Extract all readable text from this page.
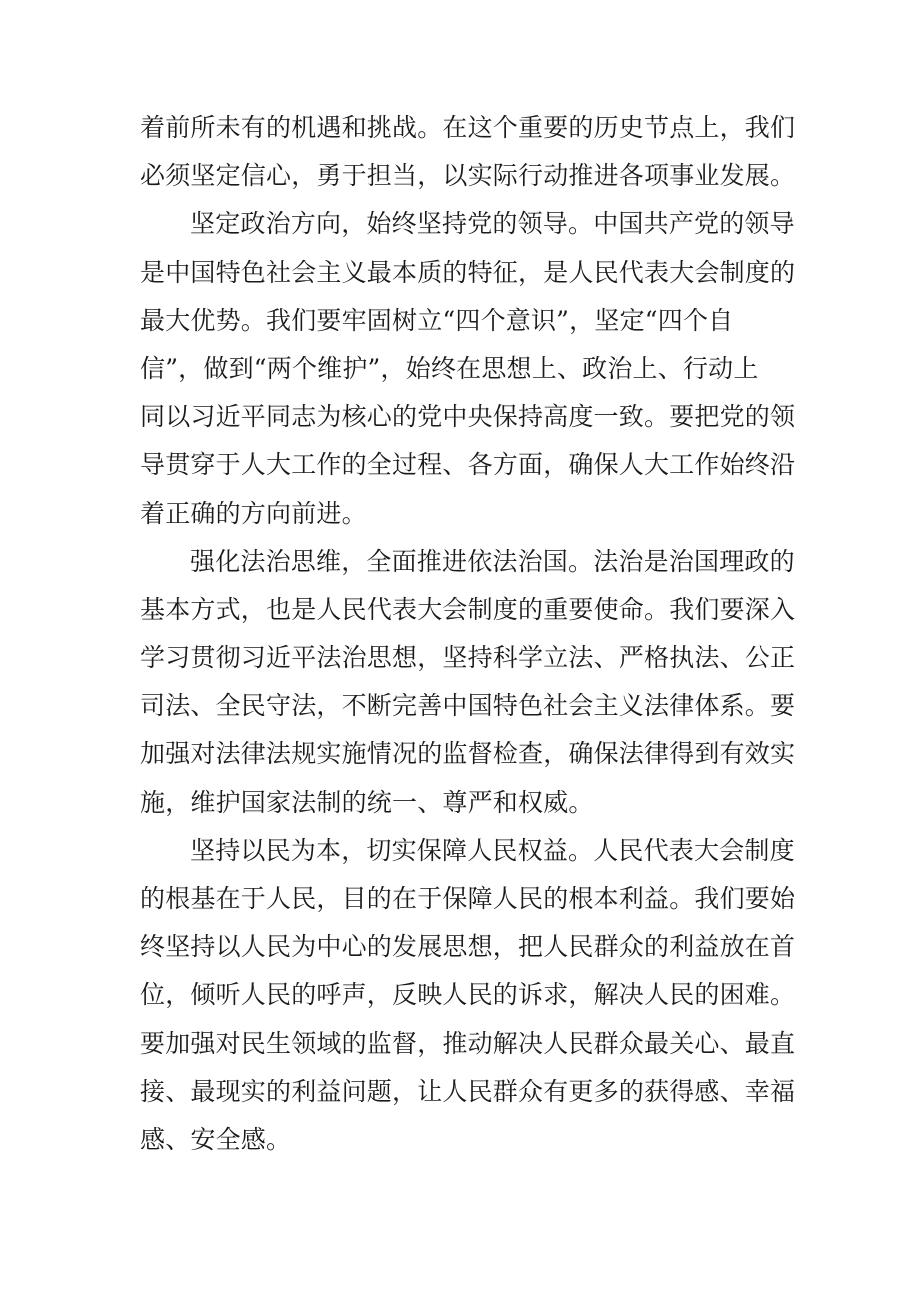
着前所未有的机遇和挑战。在这个重要的历史节点上，我们
必须坚定信心，勇于担当，以实际行动推进各项事业发展。
坚定政治方向，始终坚持党的领导。中国共产党的领导
是中国特色社会主义最本质的特征，是人民代表大会制度的
最大优势。我们要牢固树立“四个意识”，坚定“四个自
信”，做到“两个维护”，始终在思想上、政治上、行动上
同以习近平同志为核心的党中央保持高度一致。要把党的领
导贯穿于人大工作的全过程、各方面，确保人大工作始终沿
着正确的方向前进。
强化法治思维，全面推进依法治国。法治是治国理政的
基本方式，也是人民代表大会制度的重要使命。我们要深入
学习贯彻习近平法治思想，坚持科学立法、严格执法、公正
司法、全民守法，不断完善中国特色社会主义法律体系。要
加强对法律法规实施情况的监督检查，确保法律得到有效实
施，维护国家法制的统一、尊严和权威。
坚持以民为本，切实保障人民权益。人民代表大会制度
的根基在于人民，目的在于保障人民的根本利益。我们要始
终坚持以人民为中心的发展思想，把人民群众的利益放在首
位，倾听人民的呼声，反映人民的诉求，解决人民的困难。
要加强对民生领域的监督，推动解决人民群众最关心、最直
接、最现实的利益问题，让人民群众有更多的获得感、幸福
感、安全感。
